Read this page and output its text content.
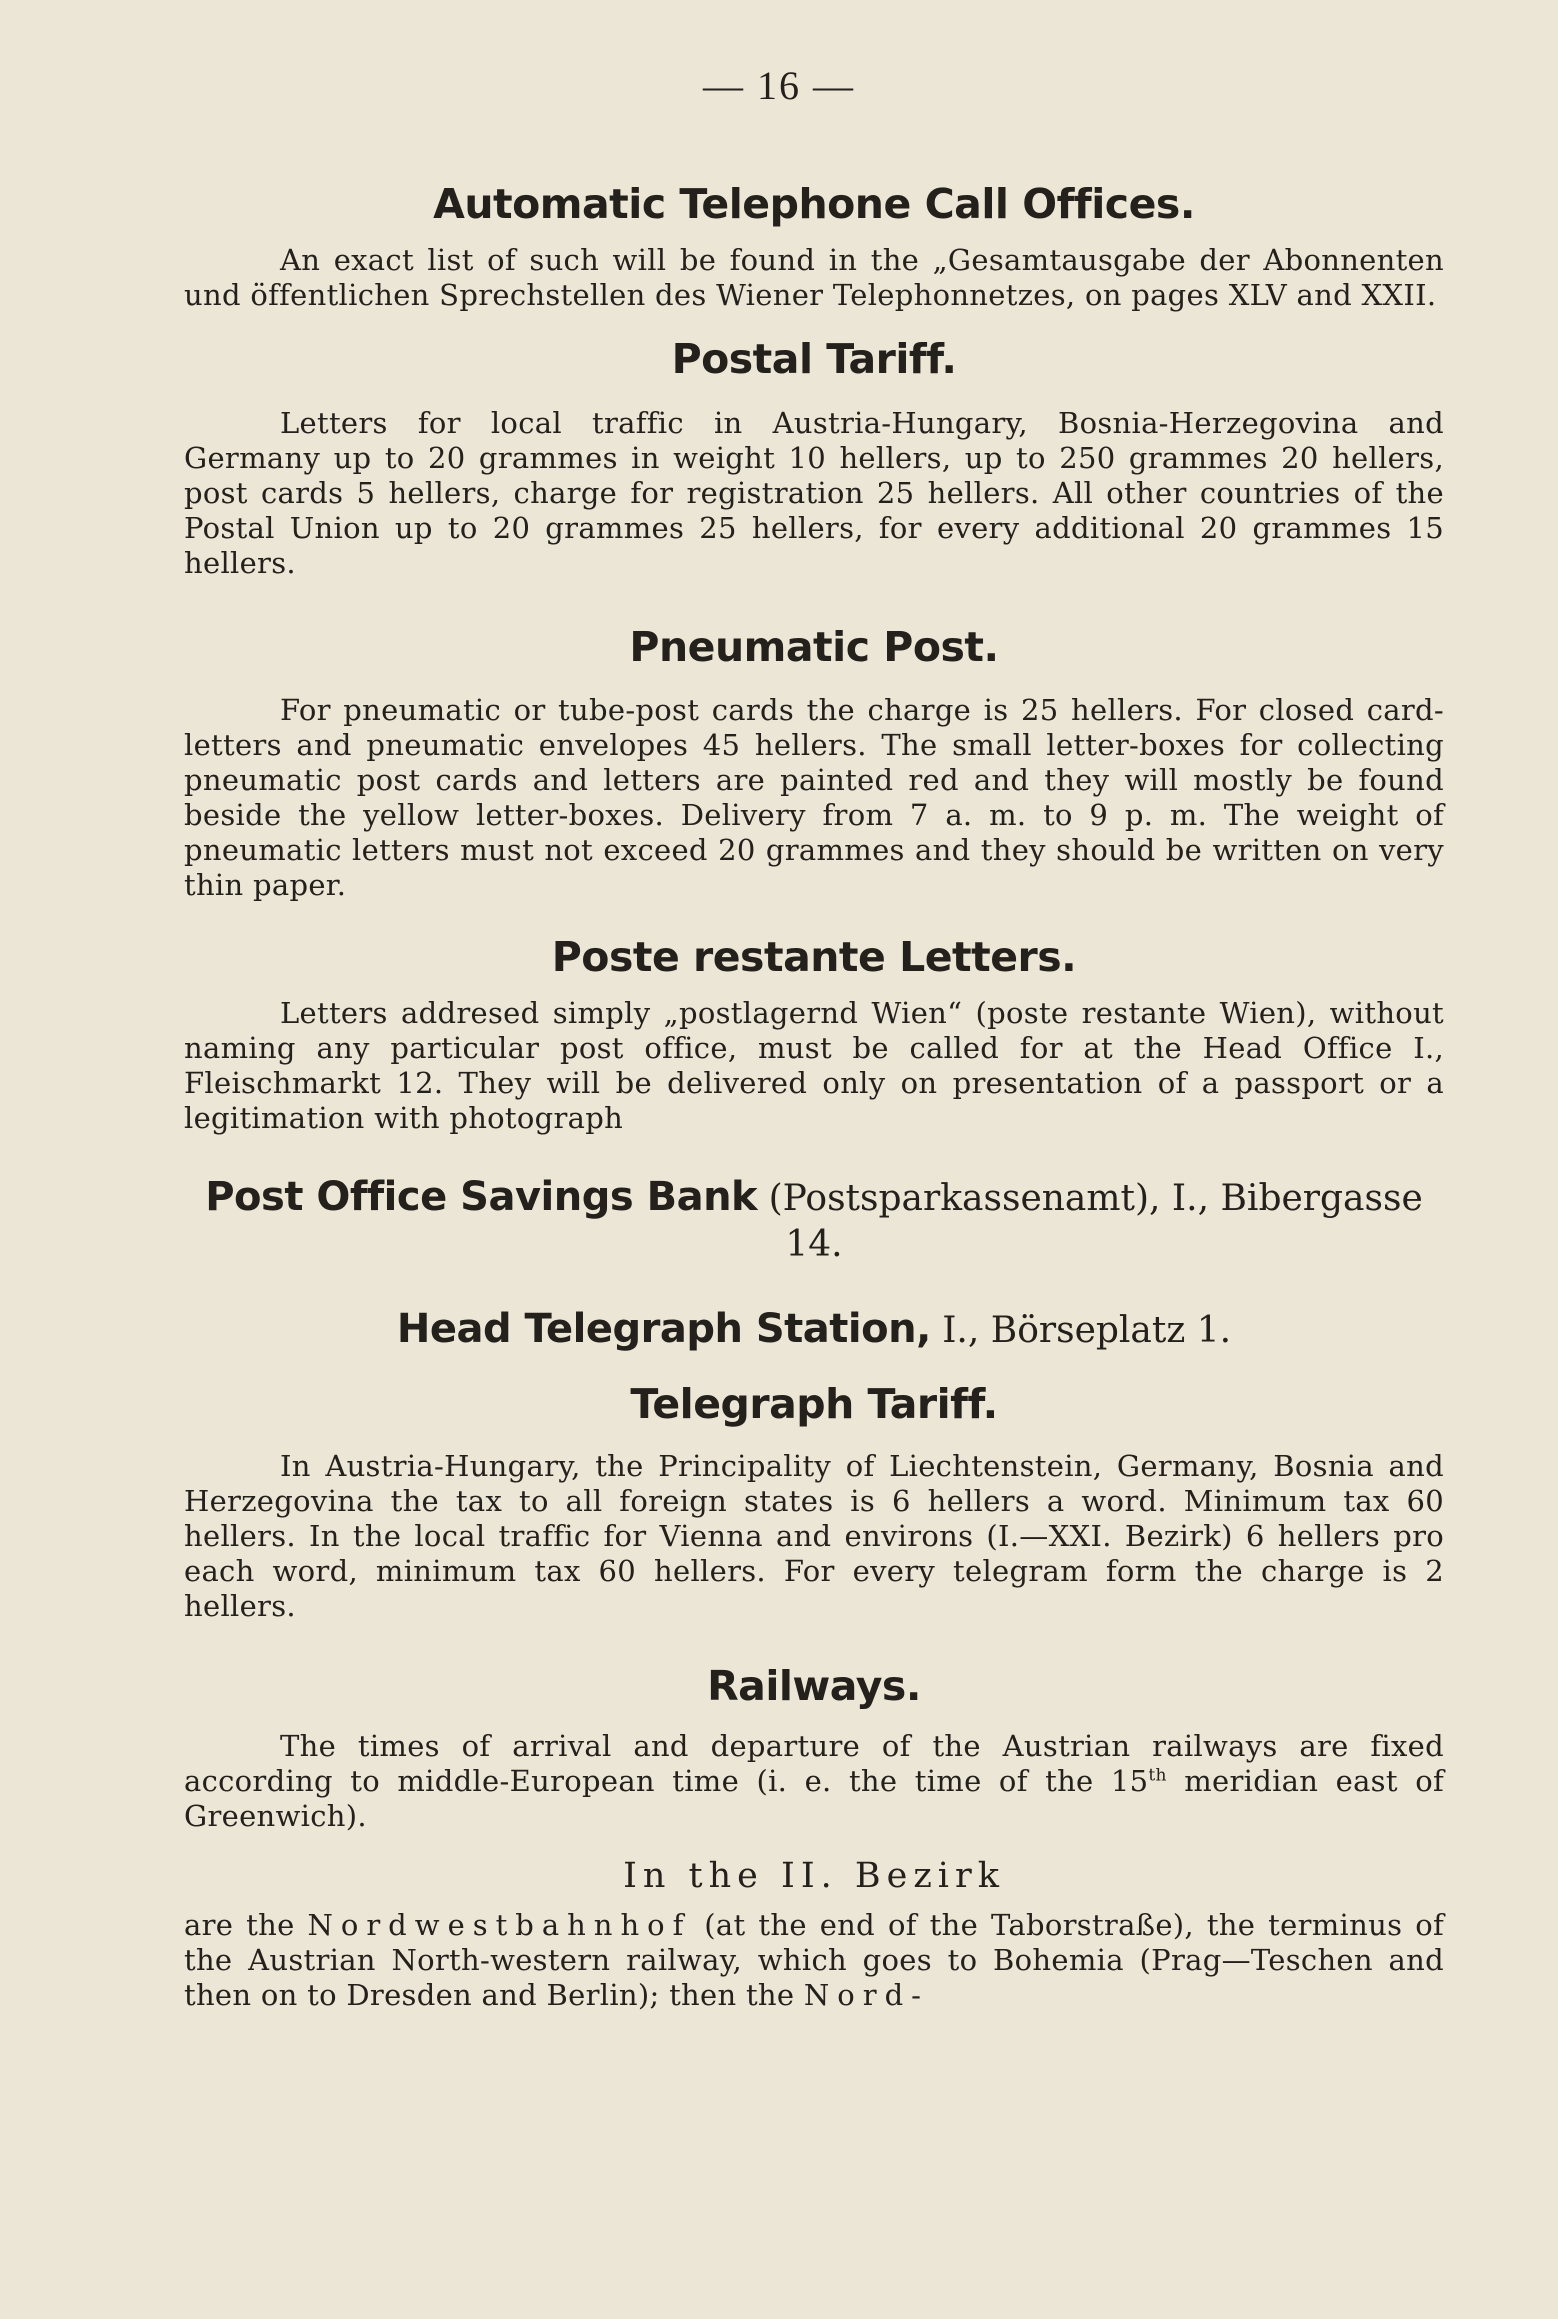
— 16 —
Automatic Telephone Call Offices.

An exact list of such will be found in the „Gesamtausgabe der Abonnenten und öffentlichen Sprechstellen des Wiener Telephonnetzes, on pages XLV and XXII.

Postal Tariff.

Letters for local traffic in Austria-Hungary, Bosnia-Herzegovina and Germany up to 20 grammes in weight 10 hellers, up to 250 grammes 20 hellers, post cards 5 hellers, charge for registration 25 hellers. All other countries of the Postal Union up to 20 grammes 25 hellers, for every additional 20 grammes 15 hellers.

Pneumatic Post.

For pneumatic or tube-post cards the charge is 25 hellers. For closed card-letters and pneumatic envelopes 45 hellers. The small letter-boxes for collecting pneumatic post cards and letters are painted red and they will mostly be found beside the yellow letter-boxes. Delivery from 7 a. m. to 9 p. m. The weight of pneumatic letters must not exceed 20 grammes and they should be written on very thin paper.

Poste restante Letters.

Letters addresed simply „postlagernd Wien“ (poste restante Wien), without naming any particular post office, must be called for at the Head Office I., Fleischmarkt 12. They will be delivered only on presentation of a passport or a legitimation with photograph

Post Office Savings Bank (Postsparkassenamt), I., Bibergasse 14.
Head Telegraph Station, I., Börseplatz 1.
Telegraph Tariff.

In Austria-Hungary, the Principality of Liechtenstein, Germany, Bosnia and Herzegovina the tax to all foreign states is 6 hellers a word. Minimum tax 60 hellers. In the local traffic for Vienna and environs (I.—XXI. Bezirk) 6 hellers pro each word, minimum tax 60 hellers. For every telegram form the charge is 2 hellers.

Railways.

The times of arrival and departure of the Austrian railways are fixed according to middle-European time (i. e. the time of the 15th meridian east of Greenwich).

In the II. Bezirk

are the Nordwestbahnhof (at the end of the Taborstraße), the terminus of the Austrian North-western railway, which goes to Bohemia (Prag—Teschen and then on to Dresden and Berlin); then the Nord-
